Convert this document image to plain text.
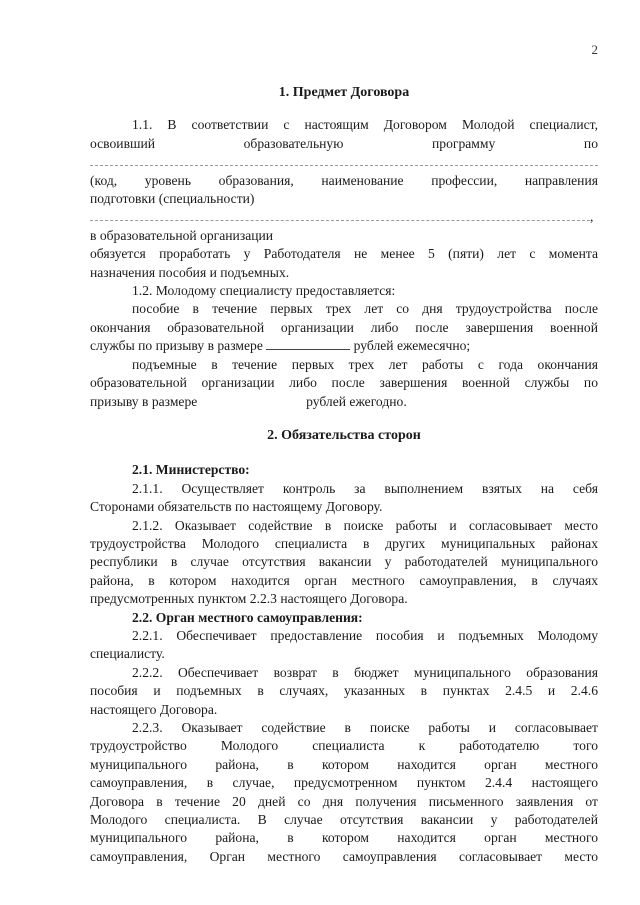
2
1. Предмет Договора
1.1. В соответствии с настоящим Договором Молодой специалист,
освоивший образовательную программу по
(код, уровень образования, наименование профессии, направления
подготовки (специальности)
,
в образовательной организации
обязуется проработать у Работодателя не менее 5 (пяти) лет с момента
назначения пособия и подъемных.
1.2. Молодому специалисту предоставляется:
пособие в течение первых трех лет со дня трудоустройства после
окончания образовательной организации либо после завершения военной
службы по призыву в размере	рублей ежемесячно;
подъемные в течение первых трех лет работы с года окончания
образовательной организации либо после завершения военной службы по
призыву в размере	рублей ежегодно.
2. Обязательства сторон
2.1. Министерство:
2.1.1. Осуществляет контроль за выполнением взятых на себя
Сторонами обязательств по настоящему Договору.
2.1.2. Оказывает содействие в поиске работы и согласовывает место
трудоустройства Молодого специалиста в других муниципальных районах
республики в случае отсутствия вакансии у работодателей муниципального
района, в котором находится орган местного самоуправления, в случаях
предусмотренных пунктом 2.2.3 настоящего Договора.
2.2. Орган местного самоуправления:
2.2.1. Обеспечивает предоставление пособия и подъемных Молодому
специалисту.
2.2.2. Обеспечивает возврат в бюджет муниципального образования
пособия и подъемных в случаях, указанных в пунктах 2.4.5 и 2.4.6
настоящего Договора.
2.2.3. Оказывает содействие в поиске работы и согласовывает
трудоустройство Молодого специалиста к работодателю того
муниципального района, в котором находится орган местного
самоуправления, в случае, предусмотренном пунктом 2.4.4 настоящего
Договора в течение 20 дней со дня получения письменного заявления от
Молодого специалиста. В случае отсутствия вакансии у работодателей
муниципального района, в котором находится орган местного
самоуправления, Орган местного самоуправления согласовывает место
